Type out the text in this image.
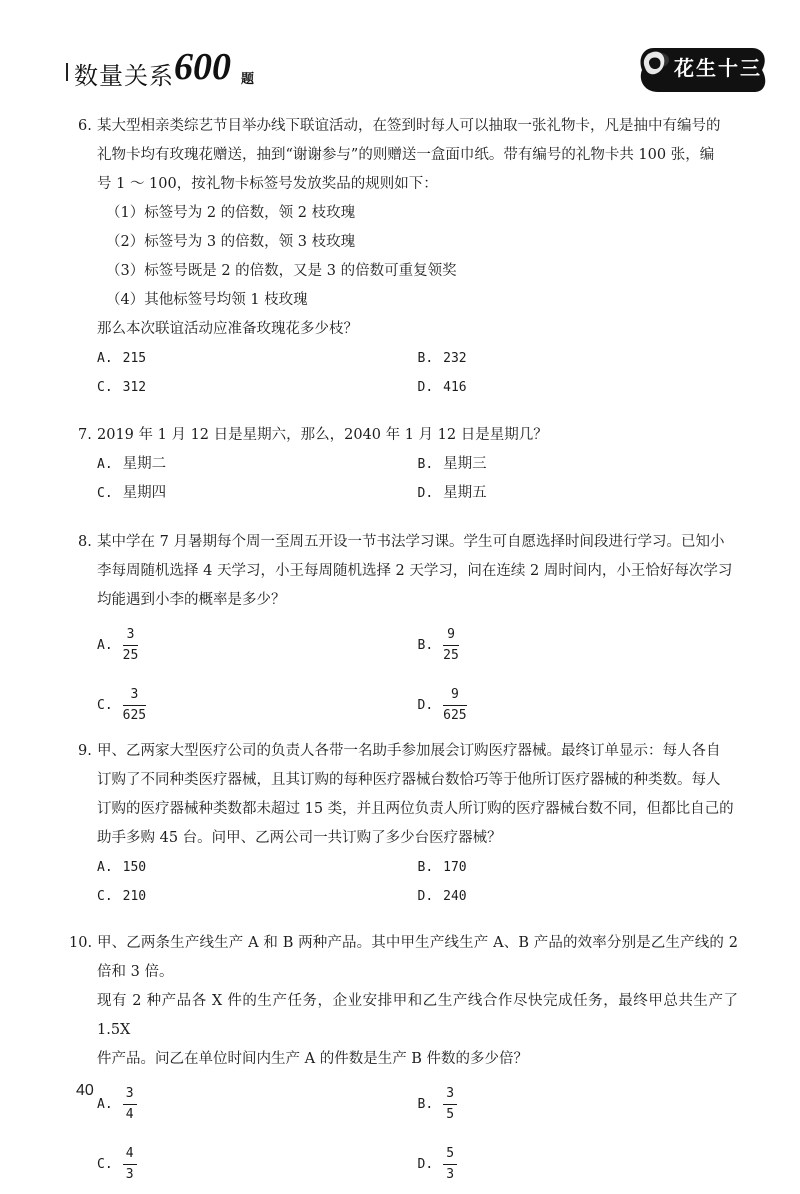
数量关系 600 题	花生十三
6. 某大型相亲类综艺节目举办线下联谊活动，在签到时每人可以抽取一张礼物卡，凡是抽中有编号的
礼物卡均有玫瑰花赠送，抽到“谢谢参与”的则赠送一盒面巾纸。带有编号的礼物卡共 100 张，编
号 1 ～ 100，按礼物卡标签号发放奖品的规则如下：
（1）标签号为 2 的倍数，领 2 枝玫瑰
（2）标签号为 3 的倍数，领 3 枝玫瑰
（3）标签号既是 2 的倍数，又是 3 的倍数可重复领奖
（4）其他标签号均领 1 枝玫瑰
那么本次联谊活动应准备玫瑰花多少枝？
A. 215	B. 232
C. 312	D. 416
7. 2019 年 1 月 12 日是星期六，那么，2040 年 1 月 12 日是星期几？
A. 星期二	B. 星期三
C. 星期四	D. 星期五
8. 某中学在 7 月暑期每个周一至周五开设一节书法学习课。学生可自愿选择时间段进行学习。已知小
李每周随机选择 4 天学习，小王每周随机选择 2 天学习，问在连续 2 周时间内，小王恰好每次学习
均能遇到小李的概率是多少？
A. $\frac{3}{25}$	B. $\frac{9}{25}$
C. $\frac{3}{625}$	D. $\frac{9}{625}$
9. 甲、乙两家大型医疗公司的负责人各带一名助手参加展会订购医疗器械。最终订单显示：每人各自
订购了不同种类医疗器械，且其订购的每种医疗器械台数恰巧等于他所订医疗器械的种类数。每人
订购的医疗器械种类数都未超过 15 类，并且两位负责人所订购的医疗器械台数不同，但都比自己的
助手多购 45 台。问甲、乙两公司一共订购了多少台医疗器械？
A. 150	B. 170
C. 210	D. 240
10. 甲、乙两条生产线生产 A 和 B 两种产品。其中甲生产线生产 A、B 产品的效率分别是乙生产线的 2 倍和 3 倍。
现有 2 种产品各 X 件的生产任务，企业安排甲和乙生产线合作尽快完成任务，最终甲总共生产了 1.5X
件产品。问乙在单位时间内生产 A 的件数是生产 B 件数的多少倍？
A. $\frac{3}{4}$	B. $\frac{3}{5}$
C. $\frac{4}{3}$	D. $\frac{5}{3}$
40
